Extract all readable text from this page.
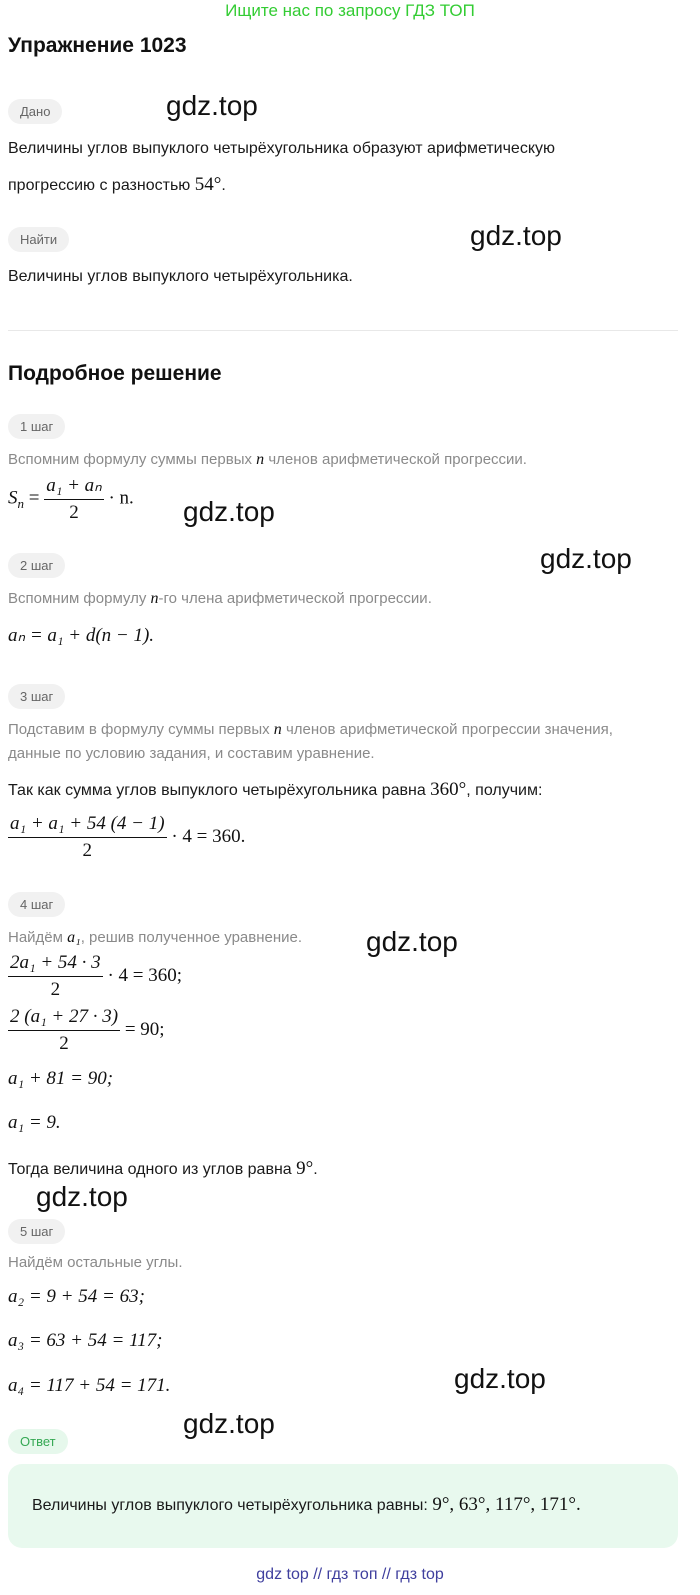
Ищите нас по запросу ГДЗ ТОП
Упражнение 1023
Дано
Величины углов выпуклого четырёхугольника образуют арифметическую
прогрессию с разностью 54°.
Найти
Величины углов выпуклого четырёхугольника.
Подробное решение
1 шаг
Вспомним формулу суммы первых n членов арифметической прогрессии.
$S_n = \frac{\text{a₁ + aₙ}}{2} \cdot n$.
2 шаг
Вспомним формулу n-го члена арифметической прогрессии.
aₙ = a₁ + d(n − 1).
3 шаг
Подставим в формулу суммы первых n членов арифметической прогрессии значения,
данные по условию задания, и составим уравнение.
Так как сумма углов выпуклого четырёхугольника равна 360°, получим:
$\frac{\text{a₁ + a₁ + 54 (4 − 1)}}{2} \cdot 4 = 360$.
4 шаг
Найдём a₁, решив полученное уравнение.
$\frac{\text{2a₁ + 54 · 3}}{2} \cdot 4 = 360$;
$\frac{\text{2 (a₁ + 27 · 3)}}{2} = 90$;
a₁ + 81 = 90;
a₁ = 9.
Тогда величина одного из углов равна 9°.
5 шаг
Найдём остальные углы.
a₂ = 9 + 54 = 63;
a₃ = 63 + 54 = 117;
a₄ = 117 + 54 = 171.
Ответ
Величины углов выпуклого четырёхугольника равны: 9°, 63°, 117°, 171°.
gdz.top
gdz.top
gdz.top
gdz.top
gdz.top
gdz.top
gdz.top
gdz.top
gdz top // гдз топ // гдз top
